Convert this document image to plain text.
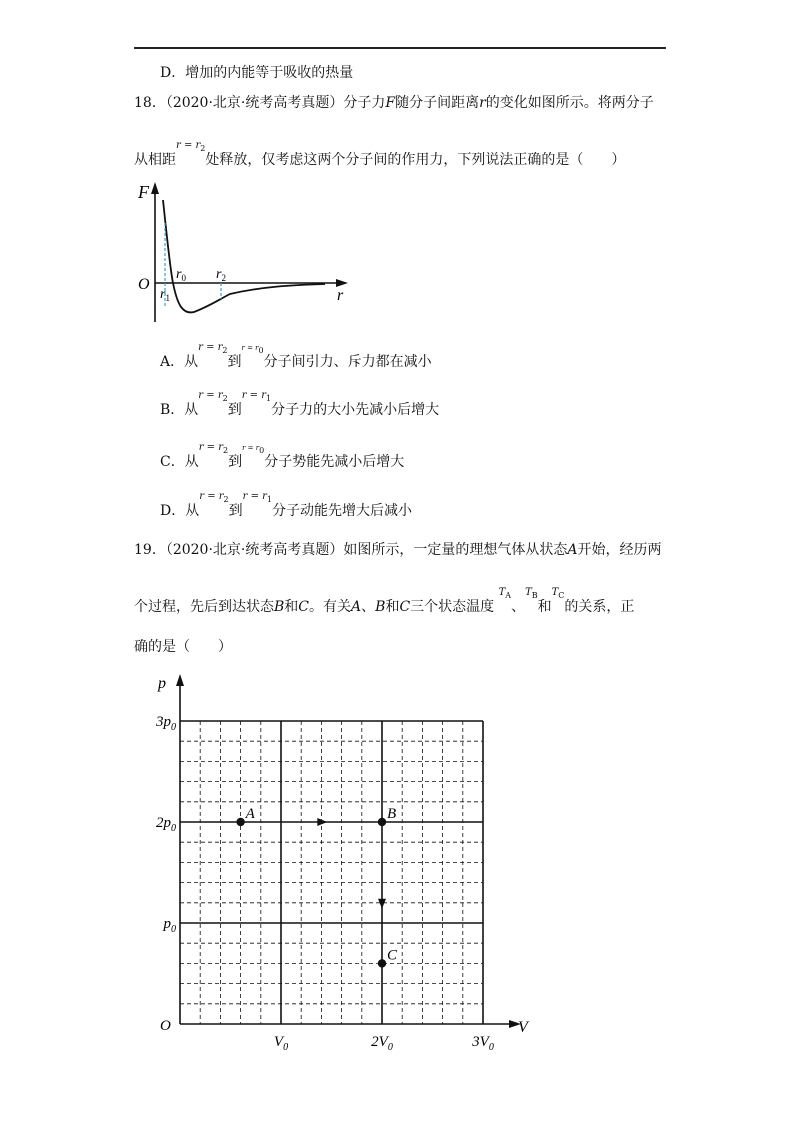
D．增加的内能等于吸收的热量
18．（2020·北京·统考高考真题）分子力F随分子间距离r的变化如图所示。将两分子
从相距$r = r_2$处释放，仅考虑这两个分子间的作用力，下列说法正确的是（　　）
F
O
r
$r_0$ $r_2$
$r_1$
A．从$r = r_2$到r = r0分子间引力、斥力都在减小
B．从$r = r_2$到$r = r_1$分子力的大小先减小后增大
C．从$r = r_2$到r = r0分子势能先减小后增大
D．从$r = r_2$到$r = r_1$分子动能先增大后减小
19．（2020·北京·统考高考真题）如图所示，一定量的理想气体从状态A开始，经历两
个过程，先后到达状态B和C。有关A、B和C三个状态温度 $T_A$、$T_B$和$T_C$的关系，正
确的是（　　）
A	B
C
$3p_0$
$2p_0$
$p_0$
$V_0$	$2V_0$	$3V_0$
p
V
O
